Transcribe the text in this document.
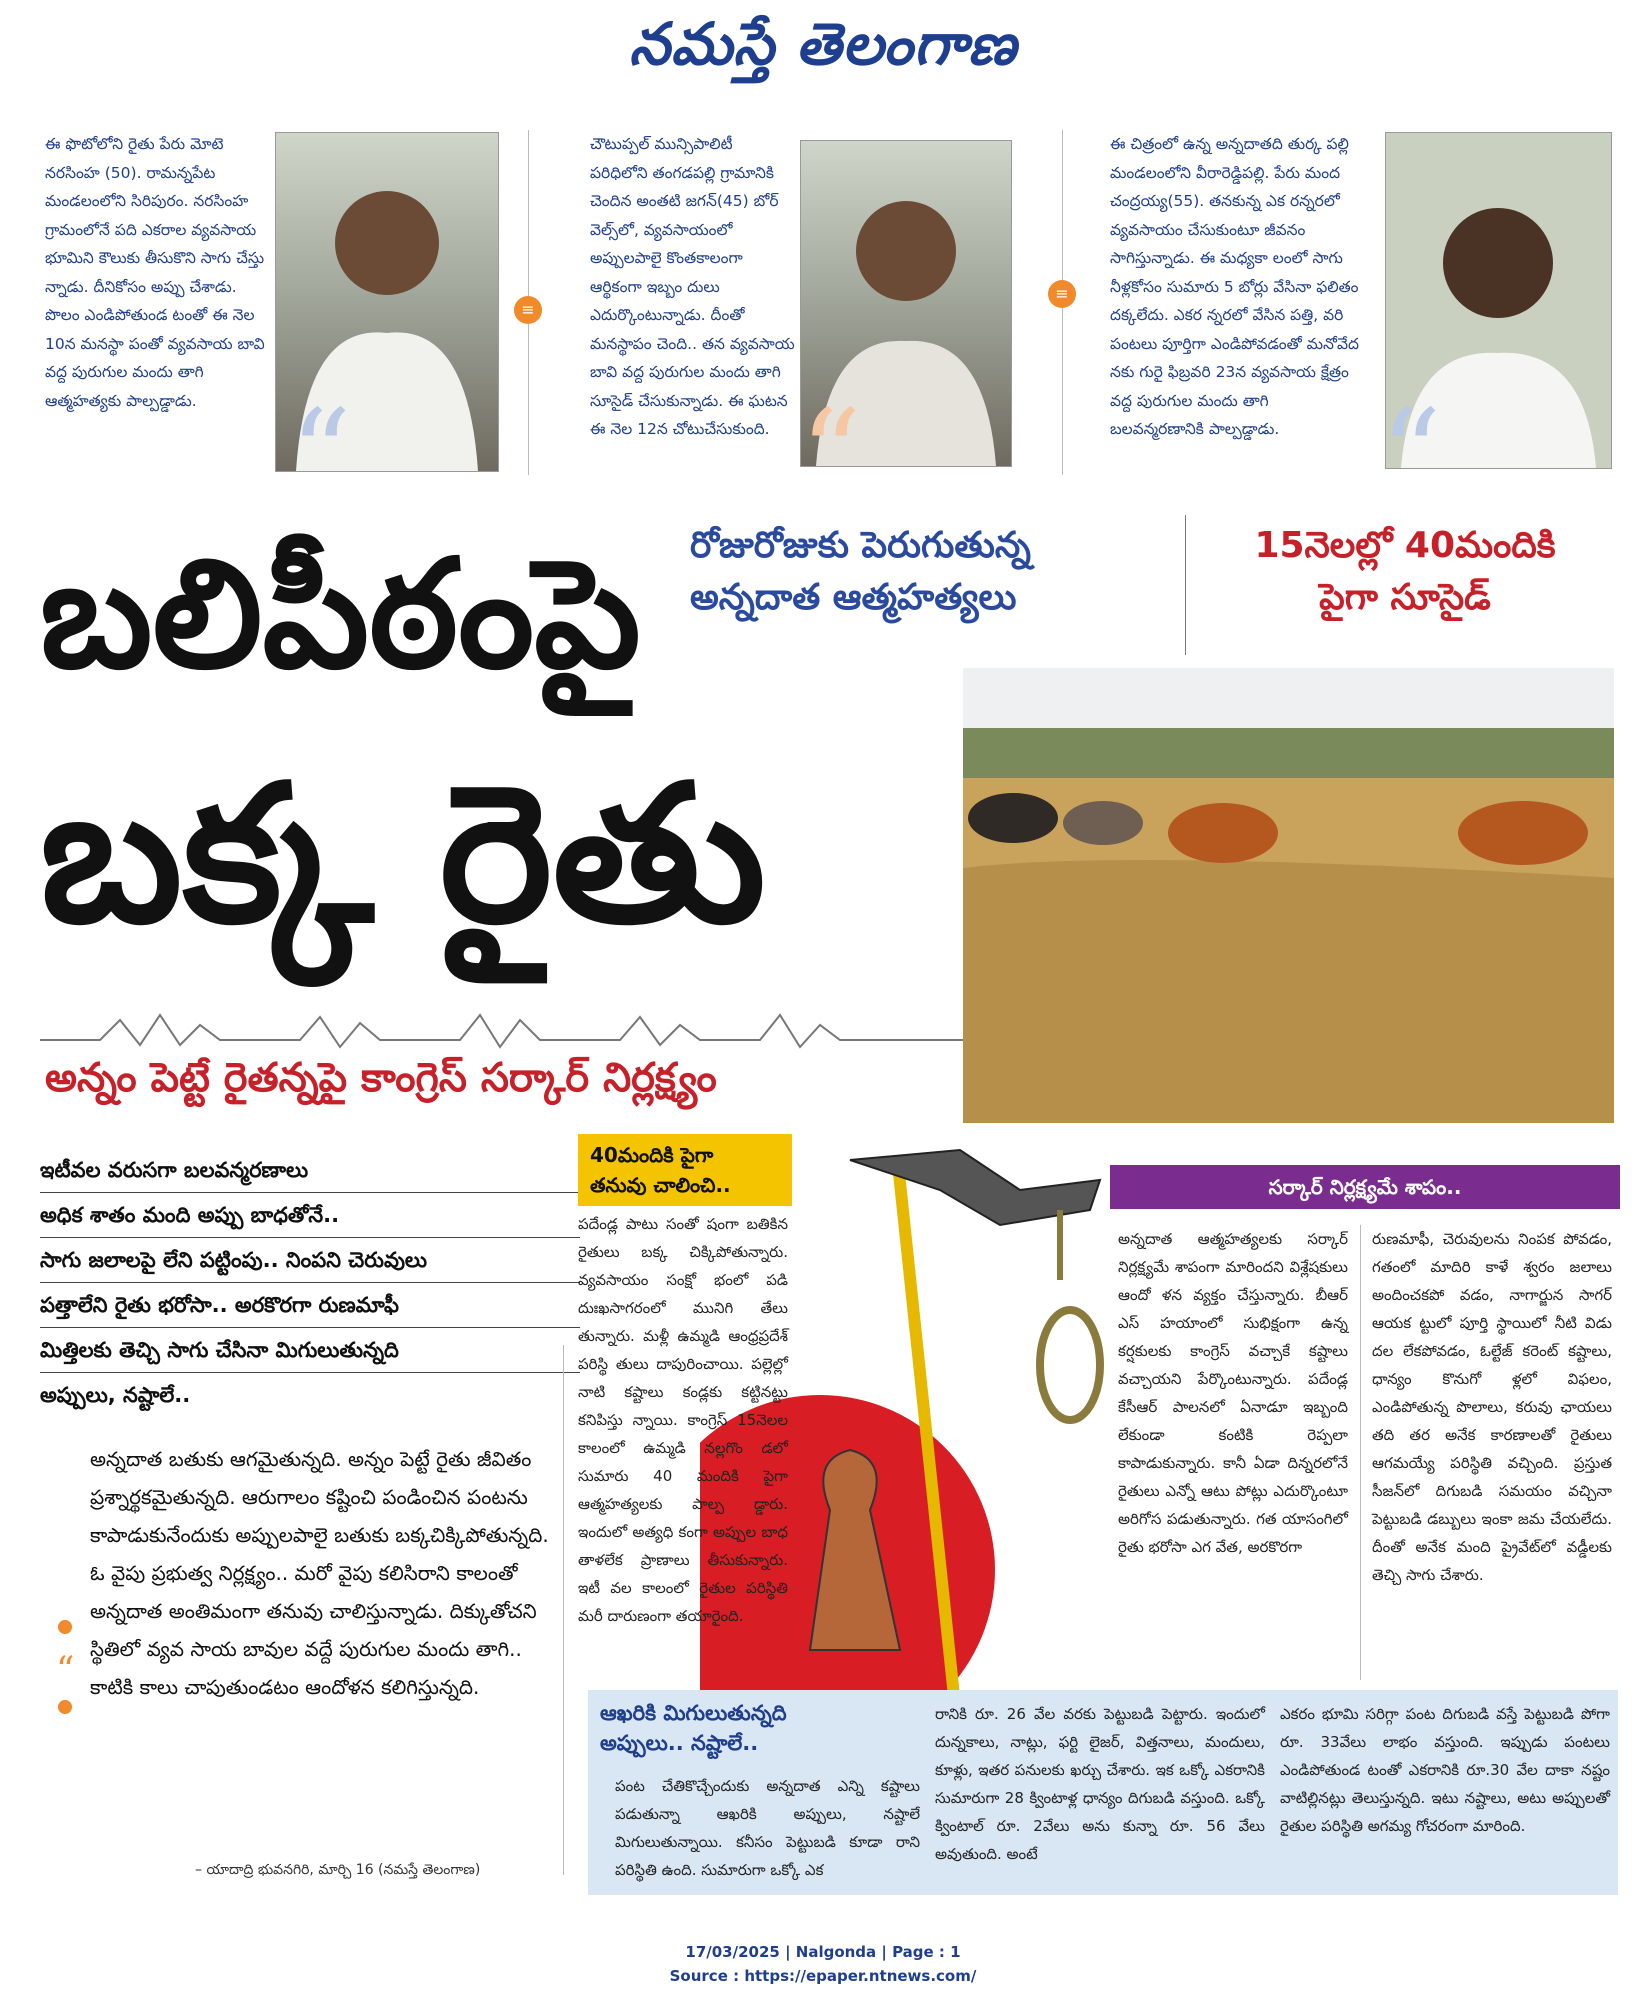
నమస్తే తెలంగాణ
ఈ ఫొటోలోని రైతు పేరు మోటె నరసింహ (50). రామన్నపేట మండలంలోని సిరిపురం. నరసింహ గ్రామంలోనే పది ఎకరాల వ్యవసాయ భూమిని కౌలుకు తీసుకొని సాగు చేస్తు న్నాడు. దీనికోసం అప్పు చేశాడు. పొలం ఎండిపోతుండ టంతో ఈ నెల 10న మనస్థా పంతో వ్యవసాయ బావి వద్ద పురుగుల మందు తాగి ఆత్మహత్యకు పాల్పడ్డాడు. “
≡
చౌటుప్పల్ మున్సిపాలిటీ పరిధిలోని తంగడపల్లి గ్రామానికి చెందిన అంతటి జగన్(45) బోర్ వెల్స్‌లో, వ్యవసాయంలో అప్పులపాలై కొంతకాలంగా ఆర్థికంగా ఇబ్బం దులు ఎదుర్కొంటున్నాడు. దీంతో మనస్థాపం చెంది.. తన వ్యవసాయ బావి వద్ద పురుగుల మందు తాగి సూసైడ్ చేసుకున్నాడు. ఈ ఘటన ఈ నెల 12న చోటుచేసుకుంది. “
≡
ఈ చిత్రంలో ఉన్న అన్నదాతది తుర్క పల్లి మండలంలోని వీరారెడ్డిపల్లి. పేరు మంద చంద్రయ్య(55). తనకున్న ఎక రన్నరలో వ్యవసాయం చేసుకుంటూ జీవనం సాగిస్తున్నాడు. ఈ మధ్యకా లంలో సాగు నీళ్లకోసం సుమారు 5 బోర్లు వేసినా ఫలితం దక్కలేదు. ఎకర న్నరలో వేసిన పత్తి, వరి పంటలు పూర్తిగా ఎండిపోవడంతో మనోవేద నకు గురై ఫిబ్రవరి 23న వ్యవసాయ క్షేత్రం వద్ద పురుగుల మందు తాగి బలవన్మరణానికి పాల్పడ్డాడు. “
బలిపీఠంపై
బక్క రైతు
రోజురోజుకు పెరుగుతున్న
అన్నదాత ఆత్మహత్యలు
15నెలల్లో 40మందికి
పైగా సూసైడ్
అన్నం పెట్టే రైతన్నపై కాంగ్రెస్ సర్కార్ నిర్లక్ష్యం
ఇటీవల వరుసగా బలవన్మరణాలు
అధిక శాతం మంది అప్పు బాధతోనే..
సాగు జలాలపై లేని పట్టింపు.. నింపని చెరువులు
పత్తాలేని రైతు భరోసా.. అరకొరగా రుణమాఫీ
మిత్తిలకు తెచ్చి సాగు చేసినా మిగులుతున్నది
అప్పులు, నష్టాలే..
అన్నదాత బతుకు ఆగమైతున్నది. అన్నం పెట్టే రైతు జీవితం ప్రశ్నార్థకమైతున్నది. ఆరుగాలం కష్టించి పండించిన పంటను కాపాడుకునేందుకు అప్పులపాలై బతుకు బక్కచిక్కిపోతున్నది. ఓ వైపు ప్రభుత్వ నిర్లక్ష్యం.. మరో వైపు కలిసిరాని కాలంతో అన్నదాత అంతిమంగా తనువు చాలిస్తున్నాడు. దిక్కుతోచని స్థితిలో వ్యవ సాయ బావుల వద్దే పురుగుల మందు తాగి.. కాటికి కాలు చాపుతుండటం ఆందోళన కలిగిస్తున్నది.
“
– యాదాద్రి భువనగిరి, మార్చి 16 (నమస్తే తెలంగాణ)
40మందికి పైగా
తనువు చాలించి..
పదేండ్ల పాటు సంతో షంగా బతికిన రైతులు బక్క చిక్కిపోతున్నారు. వ్యవసాయం సంక్షో భంలో పడి దుఃఖసాగరంలో మునిగి తేలు తున్నారు. మళ్లీ ఉమ్మడి ఆంధ్రప్రదేశ్ పరిస్థి తులు దాపురించాయి. పల్లెల్లో నాటి కష్టాలు కండ్లకు కట్టినట్టు కనిపిస్తు న్నాయి. కాంగ్రెస్ 15నెలల కాలంలో ఉమ్మడి నల్లగొం డలో సుమారు 40 మందికి పైగా ఆత్మహత్యలకు పాల్ప డ్డారు. ఇందులో అత్యధి కంగా అప్పుల బాధ తాళలేక ప్రాణాలు తీసుకున్నారు. ఇటీ వల కాలంలో రైతుల పరిస్థితి మరీ దారుణంగా తయారైంది.
సర్కార్ నిర్లక్ష్యమే శాపం..
అన్నదాత ఆత్మహత్యలకు సర్కార్ నిర్లక్ష్యమే శాపంగా మారిందని విశ్లేషకులు ఆందో ళన వ్యక్తం చేస్తున్నారు. బీఆర్ ఎస్ హయాంలో సుభిక్షంగా ఉన్న కర్షకులకు కాంగ్రెస్ వచ్చాకే కష్టాలు వచ్చాయని పేర్కొంటున్నారు. పదేండ్ల కేసీఆర్ పాలనలో ఏనాడూ ఇబ్బంది లేకుండా కంటికి రెప్పలా కాపాడుకున్నారు. కానీ ఏడా దిన్నరలోనే రైతులు ఎన్నో ఆటు పోట్లు ఎదుర్కొంటూ అరిగోస పడుతున్నారు. గత యాసంగిలో రైతు భరోసా ఎగ వేత, అరకొరగా
రుణమాఫీ, చెరువులను నింపక పోవడం, గతంలో మాదిరి కాళే శ్వరం జలాలు అందించకపో వడం, నాగార్జున సాగర్ ఆయక ట్టులో పూర్తి స్థాయిలో నీటి విడు దల లేకపోవడం, ఓల్టేజ్ కరెంట్ కష్టాలు, ధాన్యం కొనుగో ళ్లలో విఫలం, ఎండిపోతున్న పొలాలు, కరువు ఛాయలు తది తర అనేక కారణాలతో రైతులు ఆగమయ్యే పరిస్థితి వచ్చింది. ప్రస్తుత సీజన్‌లో దిగుబడి సమయం వచ్చినా పెట్టుబడి డబ్బులు ఇంకా జమ చేయలేదు. దీంతో అనేక మంది ప్రైవేట్‌లో వడ్డీలకు తెచ్చి సాగు చేశారు.
ఆఖరికి మిగులుతున్నది
అప్పులు.. నష్టాలే..
పంట చేతికొచ్చేందుకు అన్నదాత ఎన్ని కష్టాలు పడుతున్నా ఆఖరికి అప్పులు, నష్టాలే మిగులుతున్నాయి. కనీసం పెట్టుబడి కూడా రాని పరిస్థితి ఉంది. సుమారుగా ఒక్కో ఎక
రానికి రూ. 26 వేల వరకు పెట్టుబడి పెట్టారు. ఇందులో దున్నకాలు, నాట్లు, ఫర్టి లైజర్, విత్తనాలు, మందులు, కూళ్లు, ఇతర పనులకు ఖర్చు చేశారు. ఇక ఒక్కో ఎకరానికి సుమారుగా 28 క్వింటాళ్ల ధాన్యం దిగుబడి వస్తుంది. ఒక్కో క్వింటాల్ రూ. 2వేలు అను కున్నా రూ. 56 వేలు అవుతుంది. అంటే
ఎకరం భూమి సరిగ్గా పంట దిగుబడి వస్తే పెట్టుబడి పోగా రూ. 33వేలు లాభం వస్తుంది. ఇప్పుడు పంటలు ఎండిపోతుండ టంతో ఎకరానికి రూ.30 వేల దాకా నష్టం వాటిల్లినట్లు తెలుస్తున్నది. ఇటు నష్టాలు, అటు అప్పులతో రైతుల పరిస్థితి అగమ్య గోచరంగా మారింది.
17/03/2025 | Nalgonda | Page : 1
Source : https://epaper.ntnews.com/
